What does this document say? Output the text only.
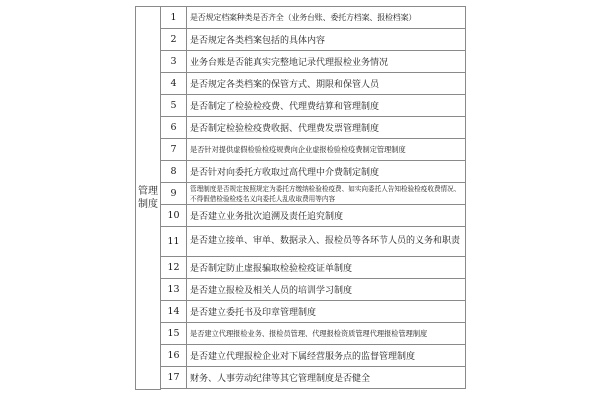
管理制度	1	是否规定档案种类是否齐全（业务台账、委托方档案、报检档案）

	2	是否规定各类档案包括的具体内容

	3	业务台账是否能真实完整地记录代理报检业务情况

	4	是否规定各类档案的保管方式、期限和保管人员

	5	是否制定了检验检疫费、代理费结算和管理制度

	6	是否制定检验检疫费收据、代理费发票管理制度

	7	是否针对提供虚假检验检疫规费向企业虚报检验检疫费制定管理制度

	8	是否针对向委托方收取过高代理中介费制定制度

	9	管理制度是否规定按照规定为委托方缴纳检验检疫费、如实向委托人告知检验检疫收费情况、不得假借检验检疫名义向委托人乱收取费用等内容

	10	是否建立业务批次追溯及责任追究制度

	11	是否建立接单、审单、数据录入、报检员等各环节人员的义务和职责

	12	是否制定防止虚报骗取检验检疫证单制度

	13	是否建立报检及相关人员的培训学习制度

	14	是否建立委托书及印章管理制度

	15	是否建立代理报检业务、报检员管理、代理报检资质管理代理报检管理制度

	16	是否建立代理报检企业对下属经营服务点的监督管理制度

	17	财务、人事劳动纪律等其它管理制度是否健全
